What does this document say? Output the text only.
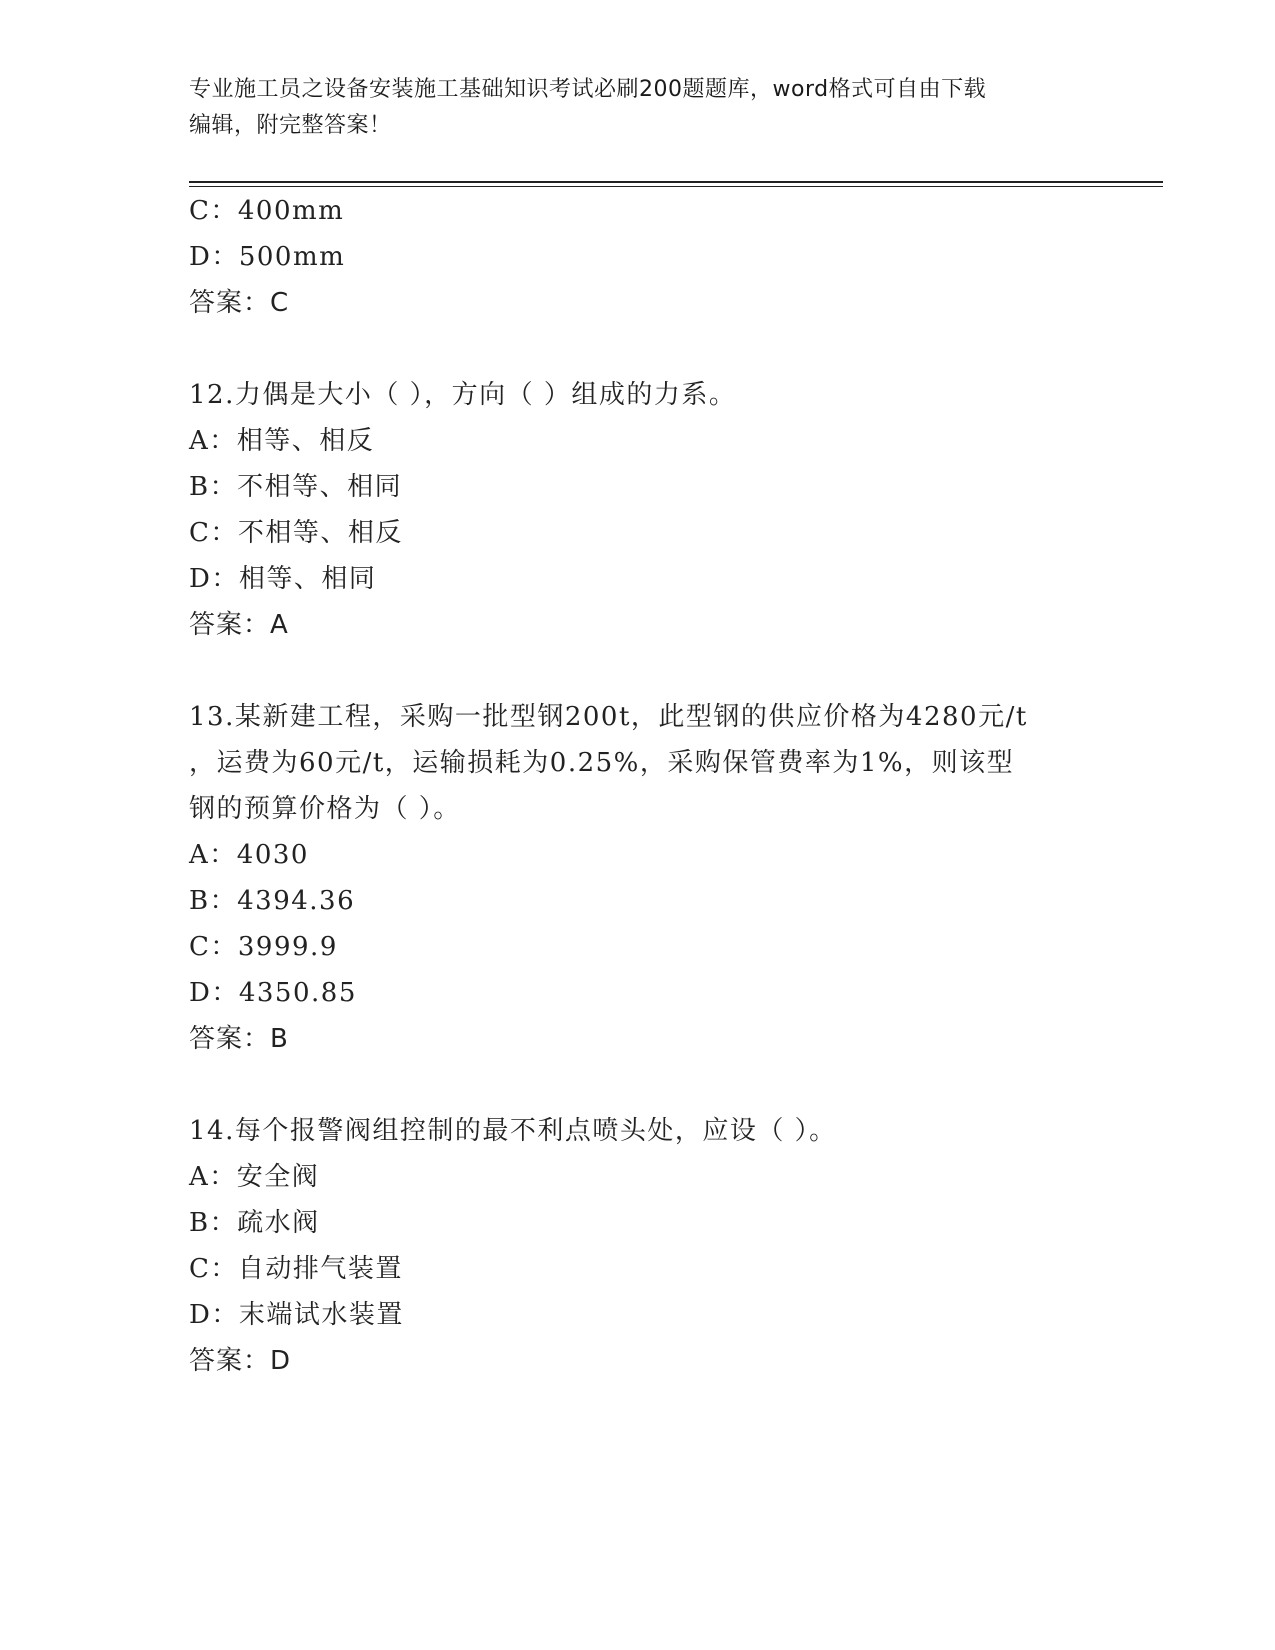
专业施工员之设备安装施工基础知识考试必刷200题题库，word格式可自由下载
编辑，附完整答案！
C：400mm
D：500mm
答案：C
12.力偶是大小（ ），方向（ ）组成的力系。
A：相等、相反
B：不相等、相同
C：不相等、相反
D：相等、相同
答案：A
13.某新建工程，采购一批型钢200t，此型钢的供应价格为4280元/t
，运费为60元/t，运输损耗为0.25%，采购保管费率为1%，则该型
钢的预算价格为（ ）。
A：4030
B：4394.36
C：3999.9
D：4350.85
答案：B
14.每个报警阀组控制的最不利点喷头处，应设（ ）。
A：安全阀
B：疏水阀
C：自动排气装置
D：末端试水装置
答案：D
